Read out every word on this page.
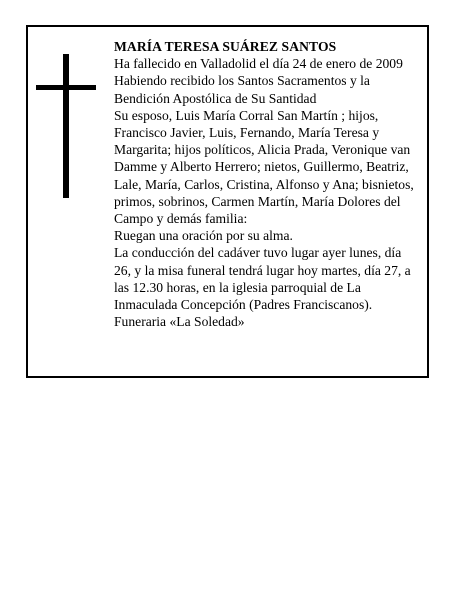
MARÍA TERESA SUÁREZ SANTOS

Ha fallecido en Valladolid el día 24 de enero de 2009

Habiendo recibido los Santos Sacramentos y la Bendición Apostólica de Su Santidad

Su esposo, Luis María Corral San Martín ; hijos, Francisco Javier, Luis, Fernando, María Teresa y Margarita; hijos políticos, Alicia Prada, Veronique van Damme y Alberto Herrero; nietos, Guillermo, Beatriz, Lale, María, Carlos, Cristina, Alfonso y Ana; bisnietos, primos, sobrinos, Carmen Martín, María Dolores del Campo y demás familia:

Ruegan una oración por su alma.

La conducción del cadáver tuvo lugar ayer lunes, día 26, y la misa funeral tendrá lugar hoy martes, día 27, a las 12.30 horas, en la iglesia parroquial de La Inmaculada Concepción (Padres Franciscanos).

Funeraria «La Soledad»
